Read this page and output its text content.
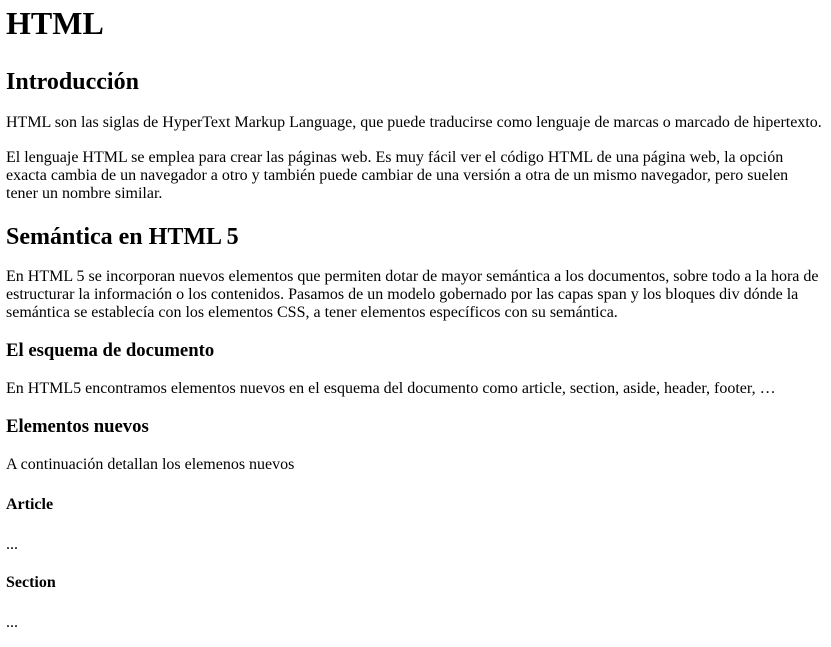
HTML
Introducción

HTML son las siglas de HyperText Markup Language, que puede traducirse como lenguaje de marcas o marcado de hipertexto.

El lenguaje HTML se emplea para crear las páginas web. Es muy fácil ver el código HTML de una página web, la opción exacta cambia de un navegador a otro y también puede cambiar de una versión a otra de un mismo navegador, pero suelen tener un nombre similar.

Semántica en HTML 5

En HTML 5 se incorporan nuevos elementos que permiten dotar de mayor semántica a los documentos, sobre todo a la hora de estructurar la información o los contenidos. Pasamos de un modelo gobernado por las capas span y los bloques div dónde la semántica se establecía con los elementos CSS, a tener elementos específicos con su semántica.

El esquema de documento

En HTML5 encontramos elementos nuevos en el esquema del documento como article, section, aside, header, footer, …

Elementos nuevos

A continuación detallan los elemenos nuevos

Article

...

Section

...
